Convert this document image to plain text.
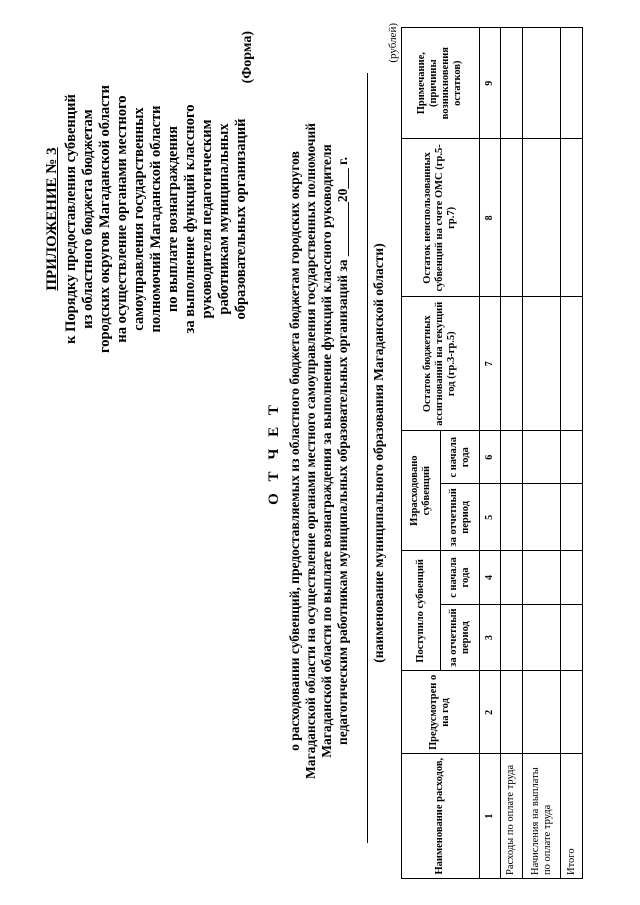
ПРИЛОЖЕНИЕ № 3 к Порядку предоставления субвенций из областного бюджета бюджетам городских округов Магаданской области на осуществление органами местного самоуправления государственных полномочий Магаданской области по выплате вознаграждения за выполнение функций классного руководителя педагогическим работникам муниципальных образовательных организаций
(Форма)
О Т Ч Е Т о расходовании субвенций, предоставляемых из областного бюджета бюджетам городских округов Магаданской области на осуществление органами местного самоуправления государственных полномочий Магаданской области по выплате вознаграждения за выполнение функций классного руководителя педагогическим работникам муниципальных образовательных организаций за ________20___ г. (наименование муниципального образования Магаданской области)
(рублей)
Наименование расходов,	Предусмотрен о на год	Поступило субвенций		Израсходовано субвенций		Остаток бюджетных ассигнований на текущий год (гр.3-гр.5)	Остаток неиспользованных субвенций на счете ОМС (гр.5-гр.7)	Примечание, (причины возникновения остатков)
		за отчетный период	с начала года	за отчетный период	с начала года			
1	2	3	4	5	6	7	8	9
Расходы по оплате труда								
Начисления на выплаты по оплате труда								
Итого								
